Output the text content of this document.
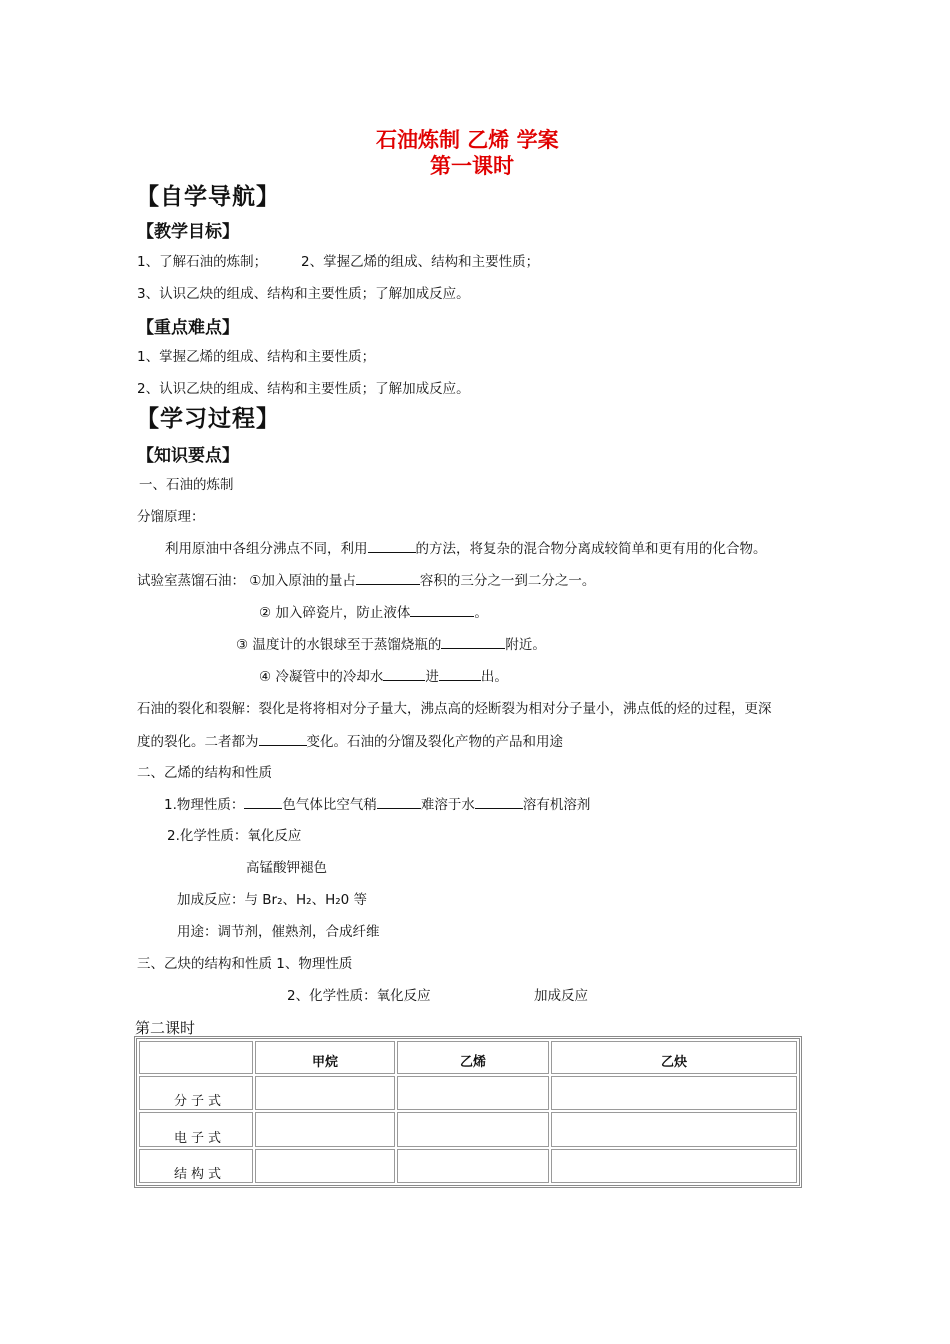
石油炼制 乙烯 学案
第一课时
【自学导航】
【教学目标】
1、了解石油的炼制；	2、掌握乙烯的组成、结构和主要性质；
3、认识乙炔的组成、结构和主要性质；了解加成反应。
【重点难点】
1、掌握乙烯的组成、结构和主要性质；
2、认识乙炔的组成、结构和主要性质；了解加成反应。
【学习过程】
【知识要点】
一、石油的炼制
分馏原理：
利用原油中各组分沸点不同，利用	的方法，将复杂的混合物分离成较简单和更有用的化合物。
试验室蒸馏石油： ①加入原油的量占	容积的三分之一到二分之一。
② 加入碎瓷片，防止液体	。
③ 温度计的水银球至于蒸馏烧瓶的	附近。
④ 冷凝管中的冷却水	进	出。
石油的裂化和裂解：裂化是将将相对分子量大，沸点高的烃断裂为相对分子量小，沸点低的烃的过程，更深
度的裂化。二者都为	变化。石油的分馏及裂化产物的产品和用途
二、乙烯的结构和性质
1.物理性质：	色气体比空气稍	难溶于水	溶有机溶剂
2.化学性质：氧化反应
高锰酸钾褪色
加成反应：与 Br₂、H₂、H₂0 等
用途：调节剂，催熟剂，合成纤维
三、乙炔的结构和性质 1、物理性质
2、化学性质：氧化反应	加成反应
第二课时
	甲烷	乙烯	乙炔
分子式			
电子式			
结构式			
